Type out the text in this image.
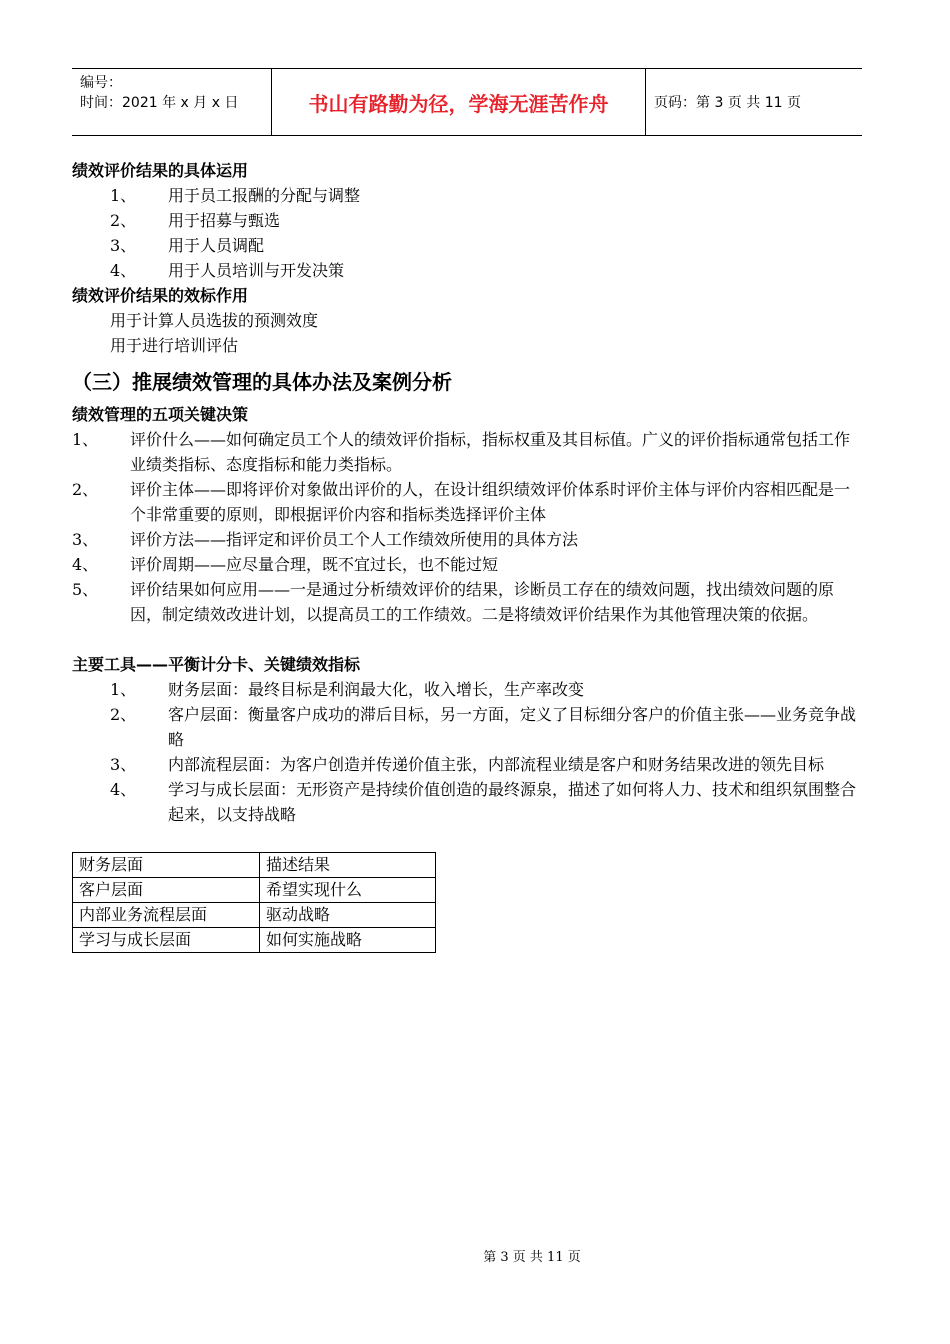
编号：
时间：2021 年 x 月 x 日	书山有路勤为径，学海无涯苦作舟	页码：第 3 页 共 11 页
绩效评价结果的具体运用
1、	用于员工报酬的分配与调整
2、	用于招募与甄选
3、	用于人员调配
4、	用于人员培训与开发决策
绩效评价结果的效标作用
用于计算人员选拔的预测效度
用于进行培训评估
（三）推展绩效管理的具体办法及案例分析
绩效管理的五项关键决策
1、	评价什么——如何确定员工个人的绩效评价指标，指标权重及其目标值。广义的评价指标通常包括工作业绩类指标、态度指标和能力类指标。
2、	评价主体——即将评价对象做出评价的人，在设计组织绩效评价体系时评价主体与评价内容相匹配是一个非常重要的原则，即根据评价内容和指标类选择评价主体
3、	评价方法——指评定和评价员工个人工作绩效所使用的具体方法
4、	评价周期——应尽量合理，既不宜过长，也不能过短
5、	评价结果如何应用——一是通过分析绩效评价的结果，诊断员工存在的绩效问题，找出绩效问题的原因，制定绩效改进计划，以提高员工的工作绩效。二是将绩效评价结果作为其他管理决策的依据。
主要工具——平衡计分卡、关键绩效指标
1、	财务层面：最终目标是利润最大化，收入增长，生产率改变
2、	客户层面：衡量客户成功的滞后目标，另一方面，定义了目标细分客户的价值主张——业务竞争战略
3、	内部流程层面：为客户创造并传递价值主张，内部流程业绩是客户和财务结果改进的领先目标
4、	学习与成长层面：无形资产是持续价值创造的最终源泉，描述了如何将人力、技术和组织氛围整合起来，以支持战略
财务层面	描述结果
客户层面	希望实现什么
内部业务流程层面	驱动战略
学习与成长层面	如何实施战略
第 3 页 共 11 页
